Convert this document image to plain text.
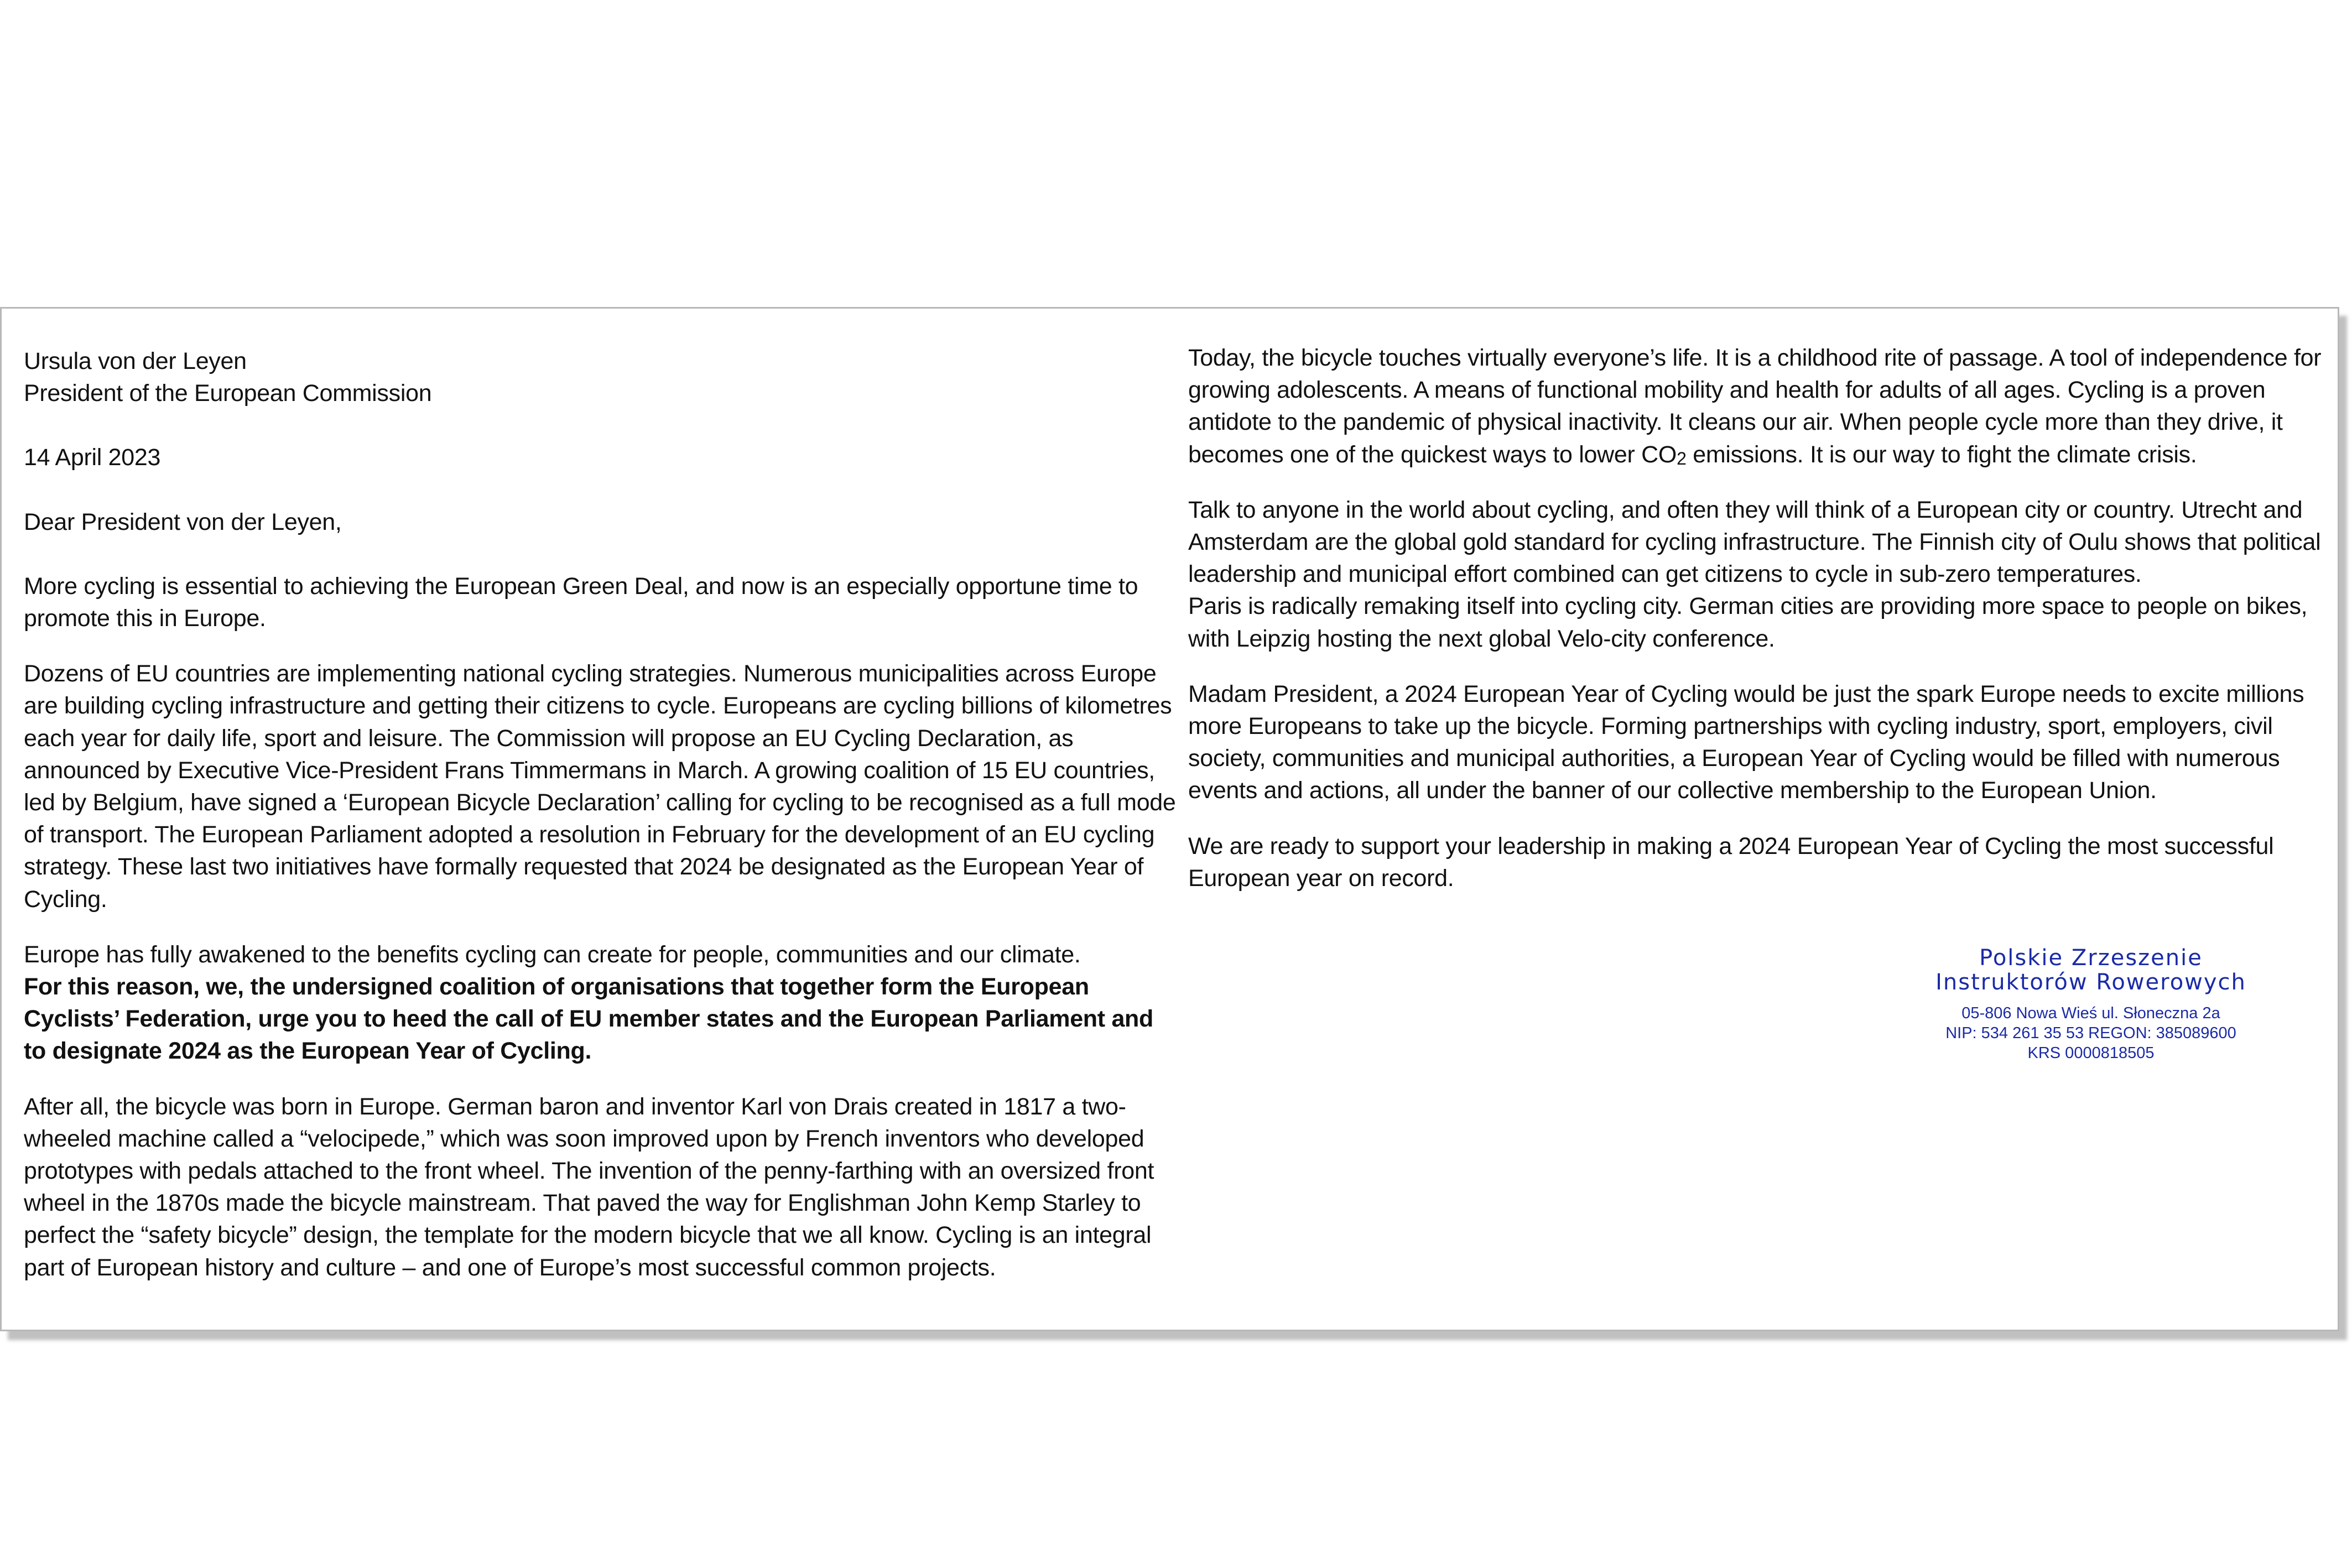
Ursula von der Leyen
President of the European Commission

14 April 2023

Dear President von der Leyen,

More cycling is essential to achieving the European Green Deal, and now is an especially opportune time to promote this in Europe.

Dozens of EU countries are implementing national cycling strategies. Numerous municipalities across Europe are building cycling infrastructure and getting their citizens to cycle. Europeans are cycling billions of kilometres each year for daily life, sport and leisure. The Commission will propose an EU Cycling Declaration, as announced by Executive Vice-President Frans Timmermans in March. A growing coalition of 15 EU countries, led by Belgium, have signed a ‘European Bicycle Declaration’ calling for cycling to be recognised as a full mode of transport. The European Parliament adopted a resolution in February for the development of an EU cycling strategy. These last two initiatives have formally requested that 2024 be designated as the European Year of Cycling.

Europe has fully awakened to the benefits cycling can create for people, communities and our climate.
For this reason, we, the undersigned coalition of organisations that together form the European Cyclists’ Federation, urge you to heed the call of EU member states and the European Parliament and to designate 2024 as the European Year of Cycling.

After all, the bicycle was born in Europe. German baron and inventor Karl von Drais created in 1817 a two-wheeled machine called a “velocipede,” which was soon improved upon by French inventors who developed prototypes with pedals attached to the front wheel. The invention of the penny-farthing with an oversized front wheel in the 1870s made the bicycle mainstream. That paved the way for Englishman John Kemp Starley to perfect the “safety bicycle” design, the template for the modern bicycle that we all know. Cycling is an integral part of European history and culture – and one of Europe’s most successful common projects.

Today, the bicycle touches virtually everyone’s life. It is a childhood rite of passage. A tool of independence for growing adolescents. A means of functional mobility and health for adults of all ages. Cycling is a proven antidote to the pandemic of physical inactivity. It cleans our air. When people cycle more than they drive, it becomes one of the quickest ways to lower $CO_2$ emissions. It is our way to fight the climate crisis.

Talk to anyone in the world about cycling, and often they will think of a European city or country. Utrecht and Amsterdam are the global gold standard for cycling infrastructure. The Finnish city of Oulu shows that political leadership and municipal effort combined can get citizens to cycle in sub-zero temperatures.
Paris is radically remaking itself into cycling city. German cities are providing more space to people on bikes, with Leipzig hosting the next global Velo-city conference.

Madam President, a 2024 European Year of Cycling would be just the spark Europe needs to excite millions more Europeans to take up the bicycle. Forming partnerships with cycling industry, sport, employers, civil society, communities and municipal authorities, a European Year of Cycling would be filled with numerous events and actions, all under the banner of our collective membership to the European Union.

We are ready to support your leadership in making a 2024 European Year of Cycling the most successful European year on record.

Polskie Zrzeszenie
Instruktorów Rowerowych
05-806 Nowa Wieś ul. Słoneczna 2a
NIP: 534 261 35 53 REGON: 385089600
KRS 0000818505
